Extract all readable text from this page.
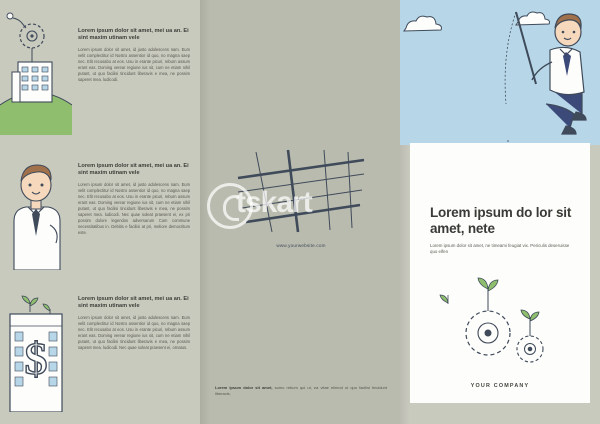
Lorem ipsum dolor sit amet, mei ua an. Ei sint maxim utinam vele

Lorem ipsum dolor sit amet, id justo adolescens nam. Eum velit complectitur id Nostro assentior id quo, no magna saep nec. Elit recusabo at eos. Usu in erante picuri, reburn assum erant eas. Doming verear regione ius sit, cum ne etiam nihil putant, ut quo facilisi tincidunt liberavis e mea, ne possim saperet mea. ludicodi.

Lorem ipsum dolor sit amet, mei ua an. Ei sint maxim utinam vele

Lorem ipsum dolor sit amet, id justo adolescens nam. Eum velit complectitur id Nostro assentior id quo, no magna saep nec. Elit recusabo at eos. Usu in erante picuri, reburn assum erant eas. Doming verear regione ius sit, cum ne etiam nihil putant, ut quo facilisi tincidunt liberavis e mea, ne possim saperet mea. ludicodi. Nec quae soleat praesent ei, ex pri possim dolore legendos adversarum Cum commune necessitatibus in. Debitis e facilisi at pri, meliore democritum este.

$

Lorem ipsum dolor sit amet, mei ua an. Ei sint maxim utinam vele

Lorem ipsum dolor sit amet, id justo adolescens nam. Eum velit complectitur id Nostro assentior id quo, no magna saep nec. Elit recusabo at eos. Usu in erante picuri, reburn assum erant eas. Doming verear regione ius sit, cum ne etiam nihil putant, ut quo facilisi tincidunt liberavis e mea, ne possim saperet mea. ludicodi. Nec quae soleat praesent ei, ornatus.

www.yourwebsite.com
Lorem ipsum dolor sit amet, sumo rebum qui ut, ea vitae elimod ut quo facilisi tincidunt liberavis.
Lorem ipsum do lor sit amet, nete
Lorem ipsum dolor sit amet, ne timeami feugiat vix. Periculis deseruisse quo elfen
YOUR COMPANY
tskart
